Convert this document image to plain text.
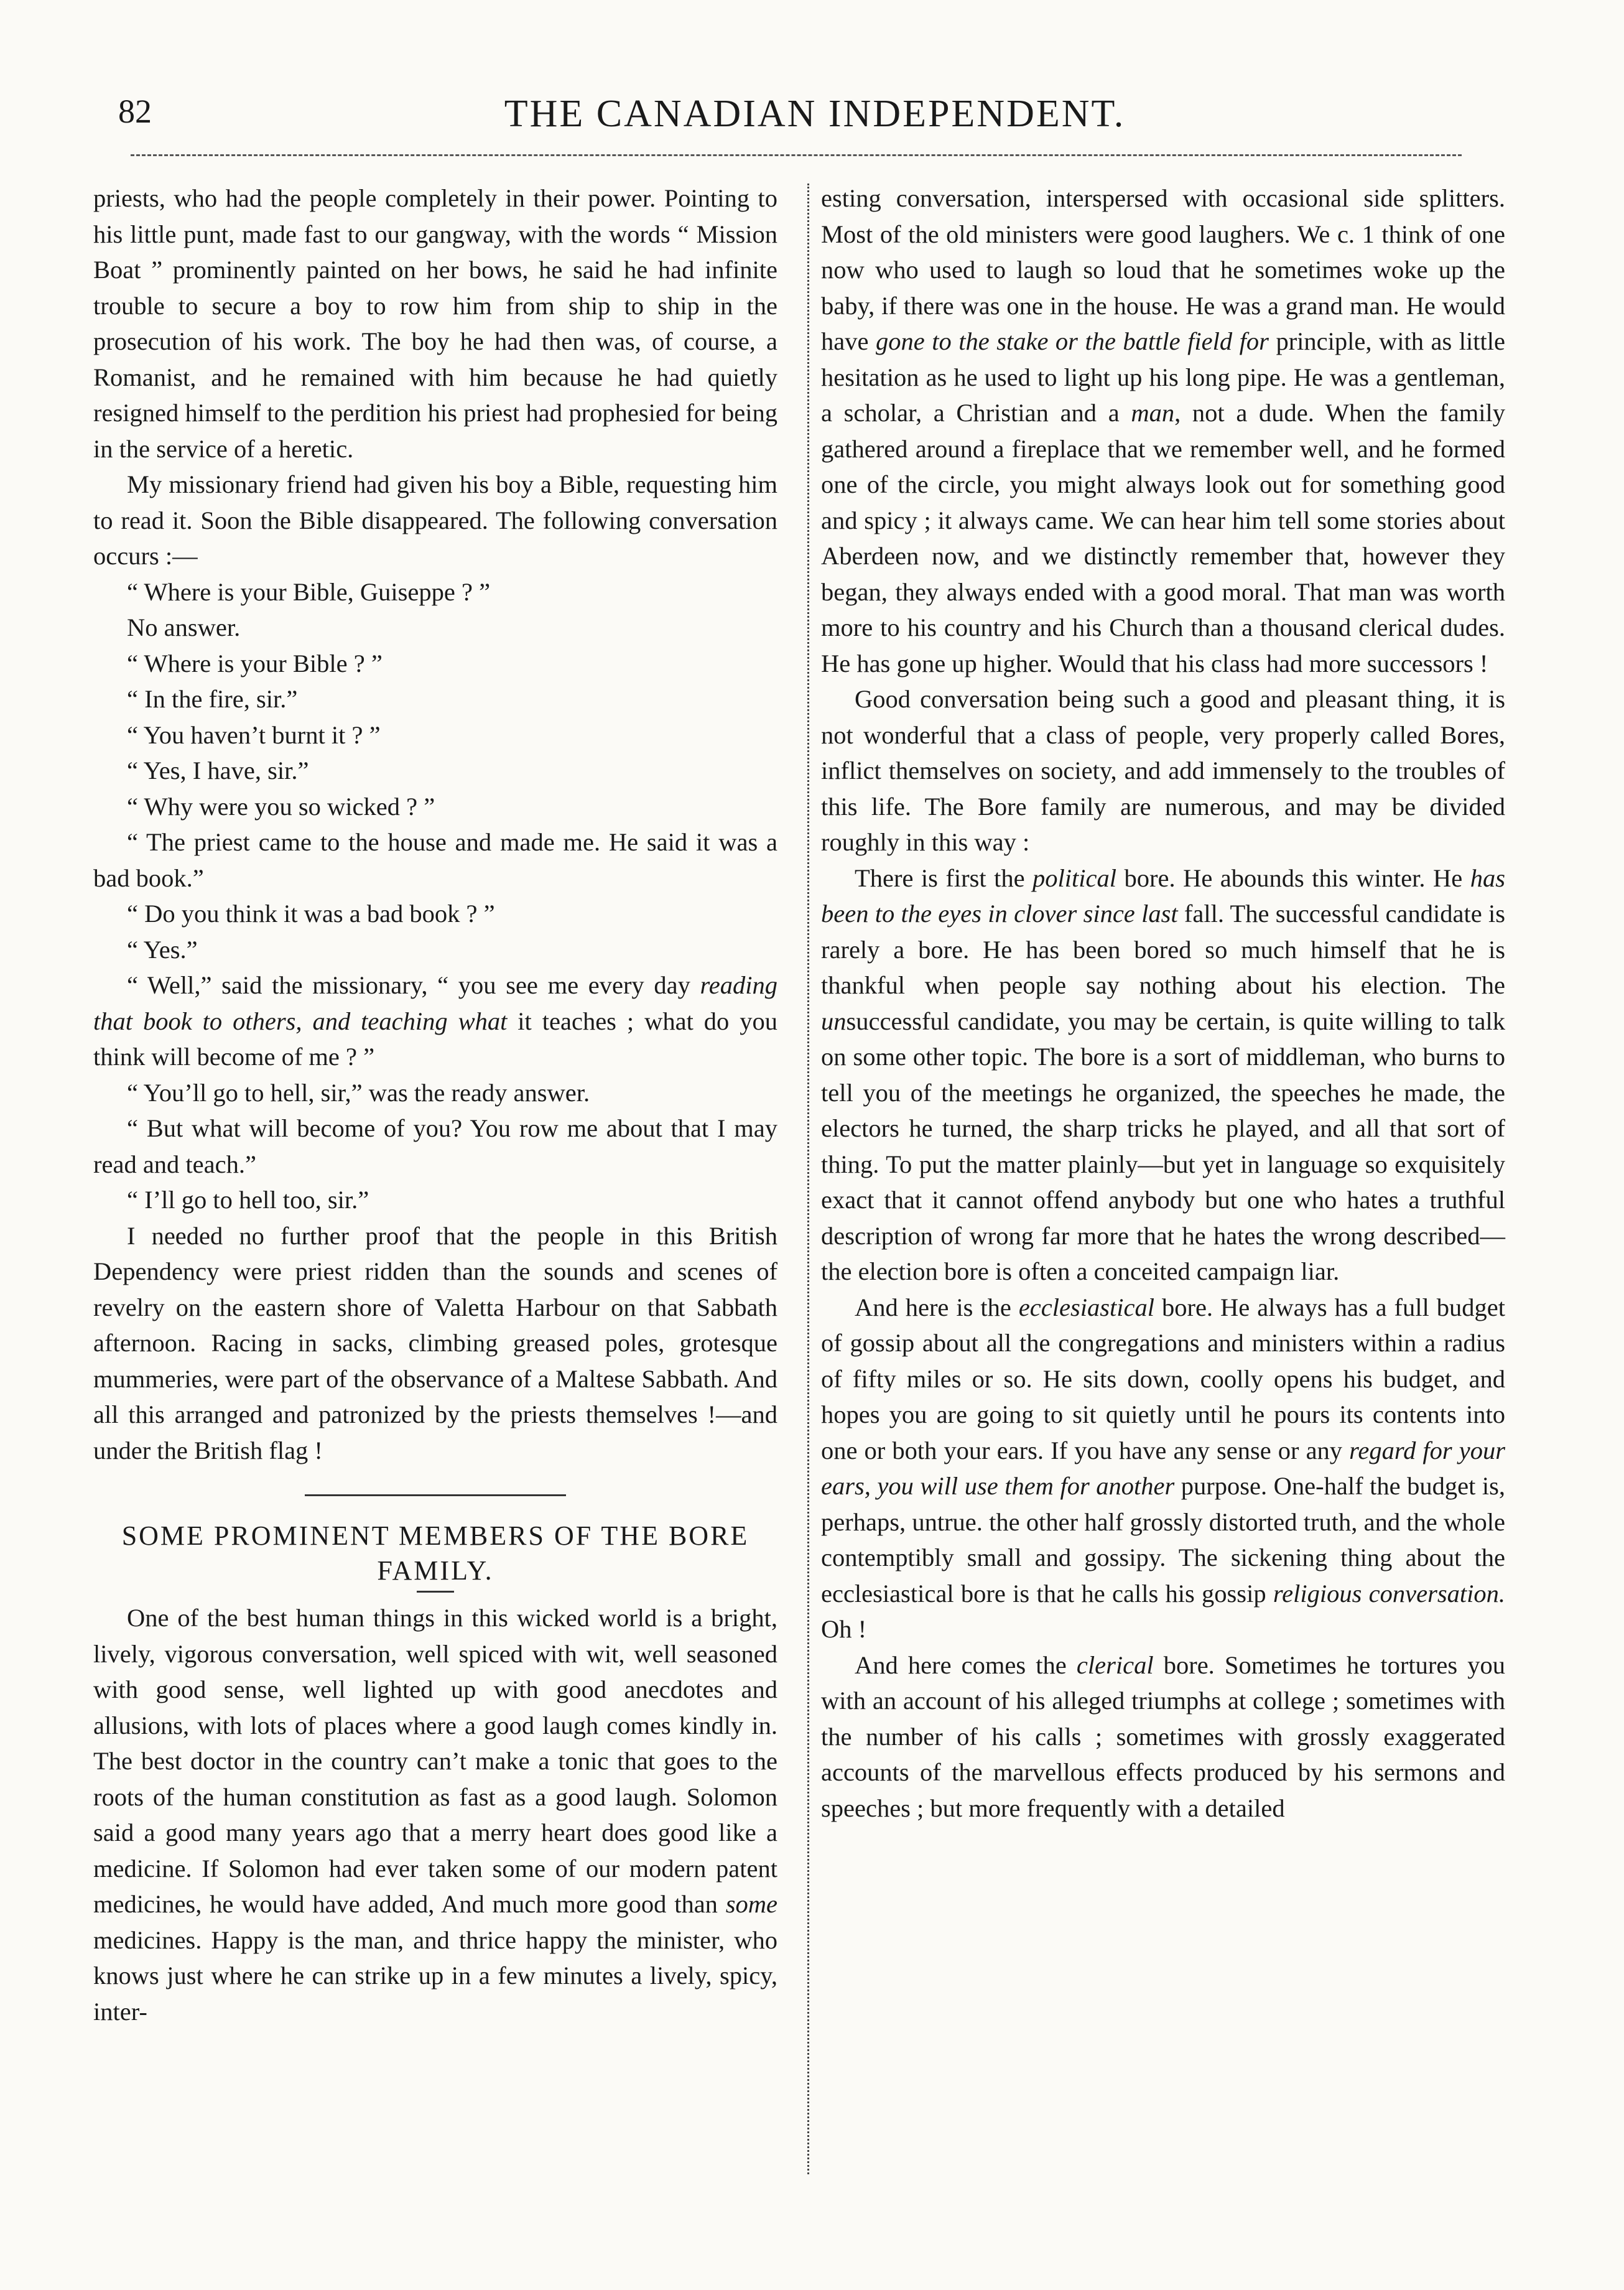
82	THE CANADIAN INDEPENDENT.

priests, who had the people completely in their power. Pointing to his little punt, made fast to our gangway, with the words “ Mission Boat ” prominently painted on her bows, he said he had infinite trouble to secure a boy to row him from ship to ship in the prosecution of his work. The boy he had then was, of course, a Romanist, and he remained with him because he had quietly resigned himself to the perdition his priest had prophesied for being in the service of a heretic.

My missionary friend had given his boy a Bible, requesting him to read it. Soon the Bible disappeared. The following conversation occurs :—

“ Where is your Bible, Guiseppe ? ”

No answer.

“ Where is your Bible ? ”

“ In the fire, sir.”

“ You haven’t burnt it ? ”

“ Yes, I have, sir.”

“ Why were you so wicked ? ”

“ The priest came to the house and made me. He said it was a bad book.”

“ Do you think it was a bad book ? ”

“ Yes.”

“ Well,” said the missionary, “ you see me every day reading that book to others, and teaching what it teaches ; what do you think will become of me ? ”

“ You’ll go to hell, sir,” was the ready answer.

“ But what will become of you? You row me about that I may read and teach.”

“ I’ll go to hell too, sir.”

I needed no further proof that the people in this British Dependency were priest ridden than the sounds and scenes of revelry on the eastern shore of Valetta Harbour on that Sabbath afternoon. Racing in sacks, climbing greased poles, grotesque mummeries, were part of the observance of a Maltese Sabbath. And all this arranged and patronized by the priests themselves !—and under the British flag !

SOME PROMINENT MEMBERS OF THE BORE FAMILY.

One of the best human things in this wicked world is a bright, lively, vigorous conversation, well spiced with wit, well seasoned with good sense, well lighted up with good anecdotes and allusions, with lots of places where a good laugh comes kindly in. The best doctor in the country can’t make a tonic that goes to the roots of the human constitution as fast as a good laugh. Solomon said a good many years ago that a merry heart does good like a medicine. If Solomon had ever taken some of our modern patent medicines, he would have added, And much more good than some medicines. Happy is the man, and thrice happy the minister, who knows just where he can strike up in a few minutes a lively, spicy, inter-

esting conversation, interspersed with occasional side splitters. Most of the old ministers were good laughers. We c. 1 think of one now who used to laugh so loud that he sometimes woke up the baby, if there was one in the house. He was a grand man. He would have gone to the stake or the battle field for principle, with as little hesitation as he used to light up his long pipe. He was a gentleman, a scholar, a Christian and a man, not a dude. When the family gathered around a fireplace that we remember well, and he formed one of the circle, you might always look out for something good and spicy ; it always came. We can hear him tell some stories about Aberdeen now, and we distinctly remember that, however they began, they always ended with a good moral. That man was worth more to his country and his Church than a thousand clerical dudes. He has gone up higher. Would that his class had more successors !

Good conversation being such a good and pleasant thing, it is not wonderful that a class of people, very properly called Bores, inflict themselves on society, and add immensely to the troubles of this life. The Bore family are numerous, and may be divided roughly in this way :

There is first the political bore. He abounds this winter. He has been to the eyes in clover since last fall. The successful candidate is rarely a bore. He has been bored so much himself that he is thankful when people say nothing about his election. The unsuccessful candidate, you may be certain, is quite willing to talk on some other topic. The bore is a sort of middleman, who burns to tell you of the meetings he organized, the speeches he made, the electors he turned, the sharp tricks he played, and all that sort of thing. To put the matter plainly—but yet in language so exquisitely exact that it cannot offend anybody but one who hates a truthful description of wrong far more that he hates the wrong described—the election bore is often a conceited campaign liar.

And here is the ecclesiastical bore. He always has a full budget of gossip about all the congregations and ministers within a radius of fifty miles or so. He sits down, coolly opens his budget, and hopes you are going to sit quietly until he pours its contents into one or both your ears. If you have any sense or any regard for your ears, you will use them for another purpose. One-half the budget is, perhaps, untrue. the other half grossly distorted truth, and the whole contemptibly small and gossipy. The sickening thing about the ecclesiastical bore is that he calls his gossip religious conversation. Oh !

And here comes the clerical bore. Sometimes he tortures you with an account of his alleged triumphs at college ; sometimes with the number of his calls ; sometimes with grossly exaggerated accounts of the marvellous effects produced by his sermons and speeches ; but more frequently with a detailed
